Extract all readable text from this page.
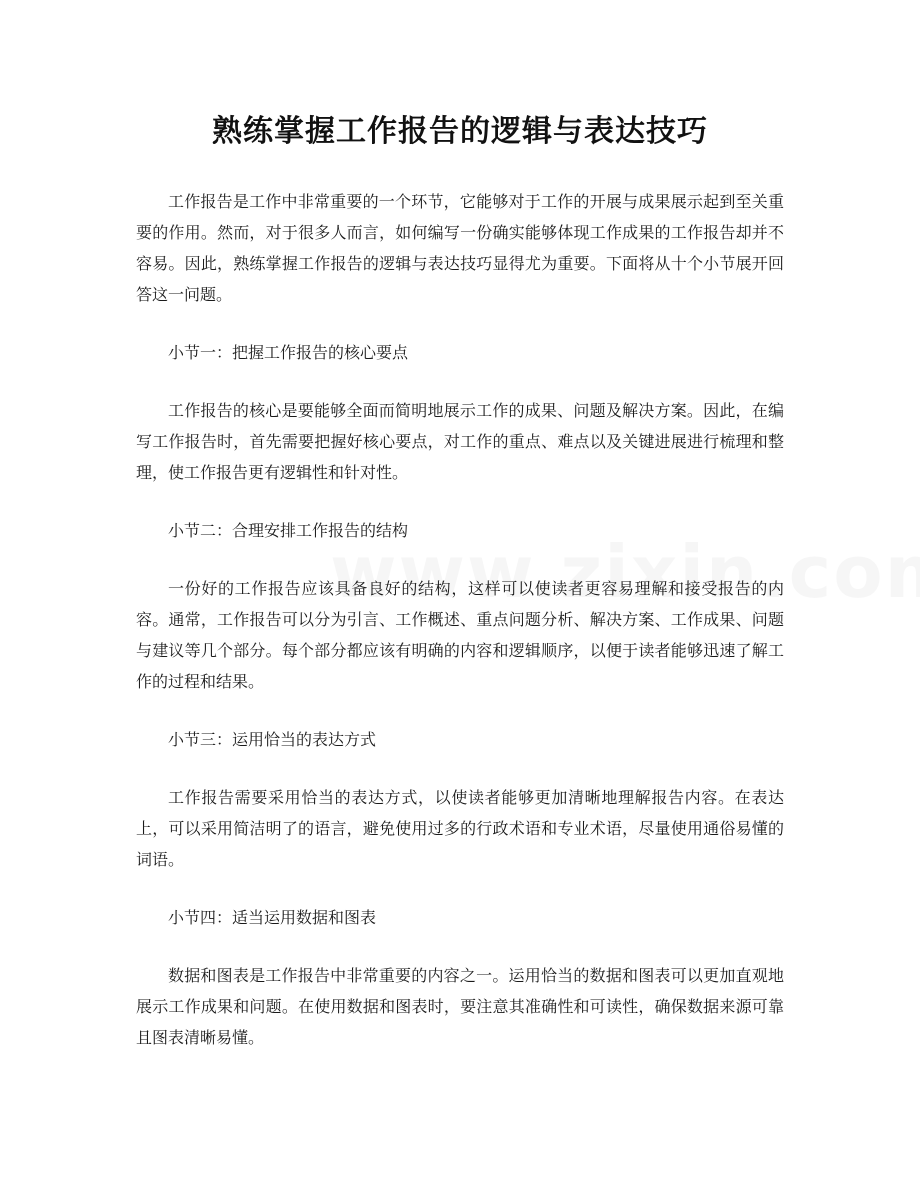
熟练掌握工作报告的逻辑与表达技巧

工作报告是工作中非常重要的一个环节，它能够对于工作的开展与成果展示起到至关重要的作用。然而，对于很多人而言，如何编写一份确实能够体现工作成果的工作报告却并不容易。因此，熟练掌握工作报告的逻辑与表达技巧显得尤为重要。下面将从十个小节展开回答这一问题。

小节一：把握工作报告的核心要点

工作报告的核心是要能够全面而简明地展示工作的成果、问题及解决方案。因此，在编写工作报告时，首先需要把握好核心要点，对工作的重点、难点以及关键进展进行梳理和整理，使工作报告更有逻辑性和针对性。

小节二：合理安排工作报告的结构

一份好的工作报告应该具备良好的结构，这样可以使读者更容易理解和接受报告的内容。通常，工作报告可以分为引言、工作概述、重点问题分析、解决方案、工作成果、问题与建议等几个部分。每个部分都应该有明确的内容和逻辑顺序，以便于读者能够迅速了解工作的过程和结果。

小节三：运用恰当的表达方式

工作报告需要采用恰当的表达方式，以使读者能够更加清晰地理解报告内容。在表达上，可以采用简洁明了的语言，避免使用过多的行政术语和专业术语，尽量使用通俗易懂的词语。

小节四：适当运用数据和图表

数据和图表是工作报告中非常重要的内容之一。运用恰当的数据和图表可以更加直观地展示工作成果和问题。在使用数据和图表时，要注意其准确性和可读性，确保数据来源可靠且图表清晰易懂。
